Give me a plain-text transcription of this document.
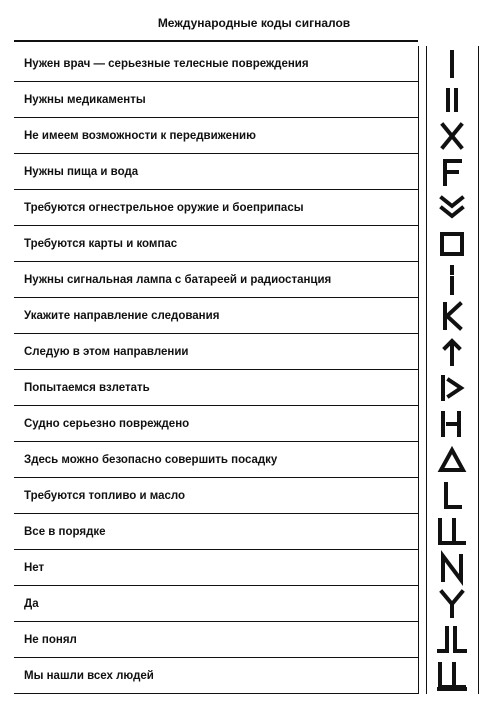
Международные коды сигналов
Нужен врач — серьезные телесные повреждения
Нужны медикаменты
Не имеем возможности к передвижению
Нужны пища и вода
Требуются огнестрельное оружие и боеприпасы
Требуются карты и компас
Нужны сигнальная лампа с батареей и радиостанция
Укажите направление следования
Следую в этом направлении
Попытаемся взлетать
Судно серьезно повреждено
Здесь можно безопасно совершить посадку
Требуются топливо и масло
Все в порядке
Нет
Да
Не понял
Мы нашли всех людей
